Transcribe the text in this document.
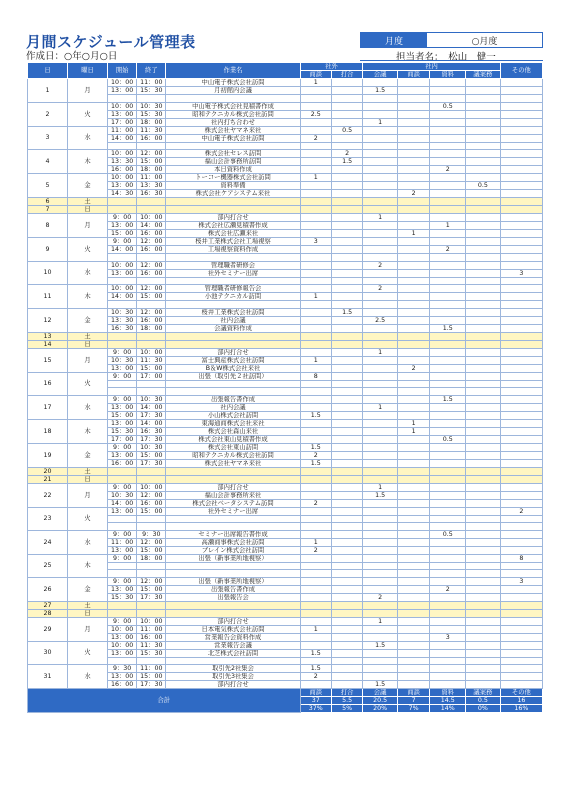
月間スケジュール管理表
作成日：○年○月○日
月度	○月度
担当者名：　松山　健一
日	曜日	開始	終了	作業名	社外		社内				その他
					商談	打合	会議	商談	資料	議案務	
1	月	10：00	11：00	中山電子株式会社訪問	1						
		13：00	15：30	月初館内会議			1.5				

2	火	10：00	10：30	中山電子株式会社見積書作成					0.5		
		13：00	15：30	昭和テクニカル株式会社訪問	2.5						
		17：00	18：00	社内打ち合わせ			1				
3	水	11：00	11：30	株式会社ヤマネ来社		0.5					
		14：00	16：00	中山電子株式会社訪問	2						

4	木	10：00	12：00	株式会社セレス訪問		2					
		13：30	15：00	福山会計事務所訪問		1.5					
		16：00	18：00	本日資料作成					2		
5	金	10：00	11：00	トーコー機器株式会社訪問	1						
		13：00	13：30	資料準備						0.5	
		14：30	16：30	株式会社ケアシステム来社				2			
6	土										
7	日										
8	月	9：00	10：00	部内打合せ			1				
		13：00	14：00	株式会社広瀬見積書作成					1		
		15：00	16：00	株式会社広瀬来社				1			
9	火	9：00	12：00	桜井工業株式会社工場視察	3						
		14：00	16：00	工場視察資料作成					2		

10	水	10：00	12：00	管理職者研修会			2				
		13：00	16：00	社外セミナー出席							3

11	木	10：00	12：00	管理職者研修報告会			2				
		14：00	15：00	小池テクニカル訪問	1						

12	金	10：30	12：00	桜井工業株式会社訪問		1.5					
		13：30	16：00	社内会議			2.5				
		16：30	18：00	会議資料作成					1.5		
13	土										
14	日										
15	月	9：00	10：00	部内打合せ			1				
		10：30	11：30	富士興産株式会社訪問	1						
		13：00	15：00	B＆W株式会社来社				2			
16	火	9：00	17：00	出張（取引先２社訪問）	8						

17	水	9：00	10：30	出張報告書作成					1.5		
		13：00	14：00	社内会議			1				
		15：00	17：30	小山株式会社訪問	1.5						
18	木	13：00	14：00	東海通商株式会社来社				1			
		15：30	16：30	株式会社森山来社				1			
		17：00	17：30	株式会社東山見積書作成					0.5		
19	金	9：00	10：30	株式会社東山訪問	1.5						
		13：00	15：00	昭和テクニカル株式会社訪問	2						
		16：00	17：30	株式会社ヤマネ来社	1.5						
20	土										
21	日										
22	月	9：00	10：00	部内打合せ			1				
		10：30	12：00	福山会計事務所来社			1.5				
		14：00	16：00	株式会社ベータシステム訪問	2						
23	火	13：00	15：00	社外セミナー出席							2

24	水	9：00	9：30	セミナー出席報告書作成					0.5		
		11：00	12：00	高瀬商事株式会社訪問	1						
		13：00	15：00	ブレイン株式会社訪問	2						
25	木	9：00	18：00	出張（新事業所地視察）							8

26	金	9：00	12：00	出張（新事業所地視察）							3
		13：00	15：00	出張報告書作成					2		
		15：30	17：30	出張報告会			2				
27	土										
28	日										
29	月	9：00	10：00	部内打合せ			1				
		10：00	11：00	日本電気株式会社訪問	1						
		13：00	16：00	営業報告会資料作成					3		
30	火	10：00	11：30	営業報告会議			1.5				
		13：00	15：30	北芝株式会社訪問	1.5						

31	水	9：30	11：00	取引先2社集会	1.5						
		13：00	15：00	取引先3社集会	2						
		16：00	17：30	部内打合せ			1.5				
合計					商談	打合	会議	商談	資料	議案務	その他
					37	5.5	20.5	7	14.5	0.5	16
					37%	5%	20%	7%	14%	0%	16%
